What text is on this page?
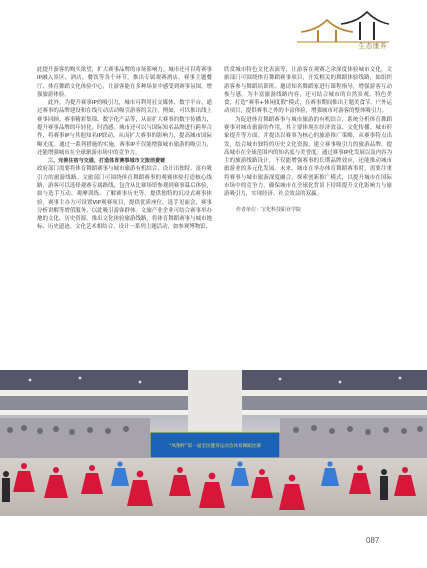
生态康养

此提升游客的购买欲望，扩大赛事品牌的市场影响力。城市还可以将赛事IP融入景区、酒店、餐饮等各个环节，推出专属观赛酒店、赛事主题餐厅、体育舞蹈文化体验中心，让游客能在多种场景中感受到赛事氛围，增强旅游体验。

此外，为提升赛事IP的吸引力，城市可利用社交媒体、数字平台，通过赛事的品牌建设和在线互动活动吸引游客的关注。例如，可以推出线上赛事回顾、赛事精彩集锦、数字化产品等，从而扩大赛事的数字传播力，提升赛事品牌的年轻化。时尚感。城市还可以与国际知名品牌进行跨界合作，将赛事IP与其他知名IP联动，从而扩大赛事的影响力，提高城市国际曝光度。通过一系列措施的实施，赛事IP不仅能增强城市旅游的吸引力，还能增强城市在全球旅游市场中的竞争力。

三、完善住宿与交通，打造体育赛事城市文旅消费链

政府部门需要将体育舞蹈赛事与城市旅游有机结合，设计出独特、富有吸引力的旅游线路。文旅部门可围绕体育舞蹈赛事的观赛体验打造核心线路，游客可以选择观赛专属路线，包含从比赛场馆参观到赛事幕后体验，如与选手互动、观摩训练、了解赛事历史等，提供独特的沉浸式赛事体验。赛事主办方可设置VIP观赛项目，提供优质座位、选手见面会、赛事分析讲解等增值服务，以此吸引游客群体。文旅产业企业可结合赛事举办地的文化、历史资源，推出文化体验旅游线路，将体育舞蹈赛事与城市地标、历史遗迹、文化艺术相结合，设计一系列主题活动，如参观博物馆、

欣赏城市特色文化表演等，让游客在观赛之余深度体验城市文化。文旅部门可围绕体育舞蹈赛事项目，开发相关的舞蹈体验线路，如组织游客参与舞蹈培训班、邀请知名舞蹈家进行课程指导，增强游客互动参与感。为丰富旅游线路内容，还可结合城市的自然景观、特色美食，打造“赛事+休闲度假”模式，在赛事期间推出主题美食节、户外运动项目，提供赛事之外的丰富体验，增强城市对游客的整体吸引力。

为促进体育舞蹈赛事与城市旅游的有机结合，系统分析体育舞蹈赛事对城市旅游的作用，其主要体现在经济效益、文化传播、城市形象提升等方面。并提出以赛事为核心的旅游推广策略，从赛事特点出发，结合城市独特的历史文化资源，建立赛事吸引力的旅游品牌。提高城市在全球范围内的知名度与美誉度。通过赛事IP化发展以及内容为主的旅游线路设计，不仅能增强赛事的长期品牌效应，还能推动城市旅游业的多元化发展。未来，城市在举办体育舞蹈赛事时，需要注重将赛事与城市旅游深度融合，探索创新推广模式，以提升城市在国际市场中的竞争力，确保城市在全球化背景下持续提升文化影响力与旅游吸引力，实现经济、社会效益的双赢。

作者单位：宝化科技职业学院

“凤翔杯”第一届全民健身运动会体育舞蹈比赛
087
